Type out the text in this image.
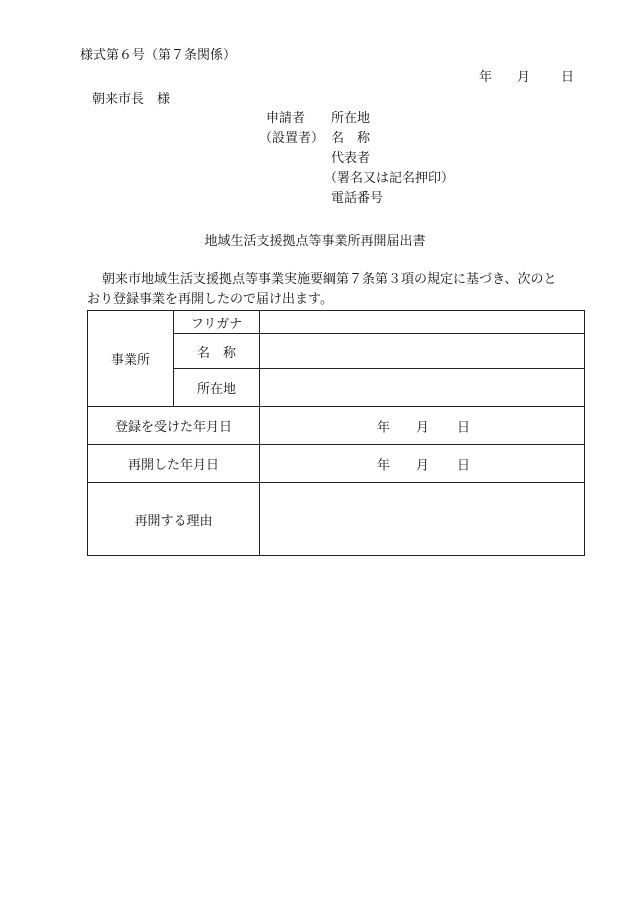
様式第６号（第７条関係）
年 月 日
朝来市長　様
申請者
（設置者）
所在地
名　称
代表者
（署名又は記名押印）
電話番号
地域生活支援拠点等事業所再開届出書
朝来市地域生活支援拠点等事業実施要綱第７条第３項の規定に基づき、次のと
おり登録事業を再開したので届け出ます。
事業所	フリガナ	
	名　称	
	所在地	
登録を受けた年月日		年 月 日

再開した年月日		年 月 日

再開する理由		
